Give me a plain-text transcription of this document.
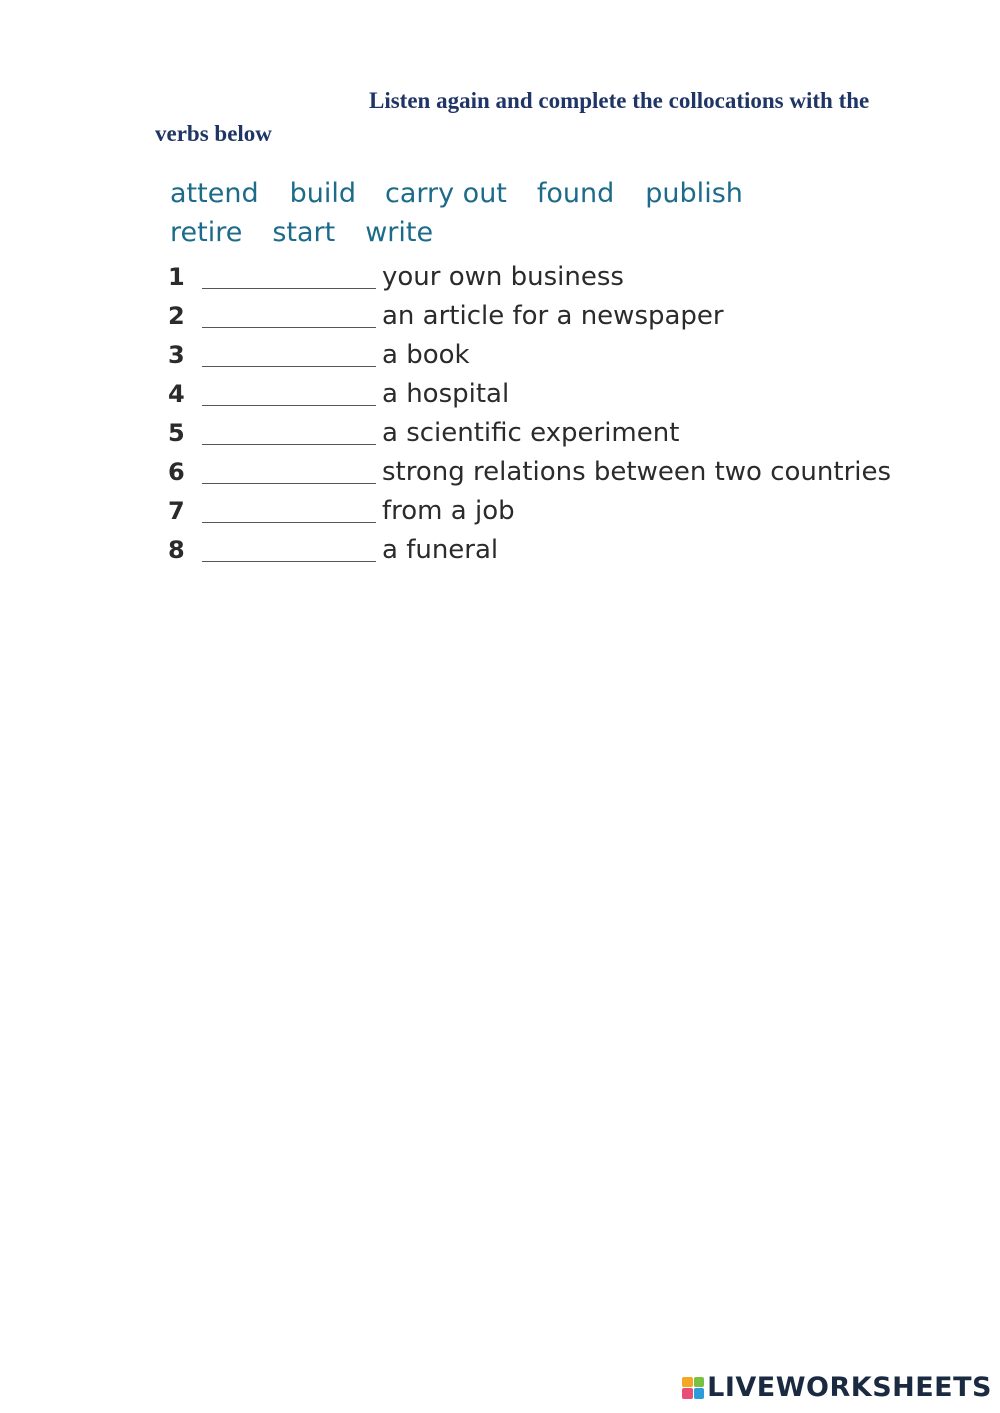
Listen again and complete the collocations with the verbs below
attend build carry out found publish
retire start write
1	your own business
2	an article for a newspaper
3	a book
4	a hospital
5	a scientific experiment
6	strong relations between two countries
7	from a job
8	a funeral
LIVEWORKSHEETS
